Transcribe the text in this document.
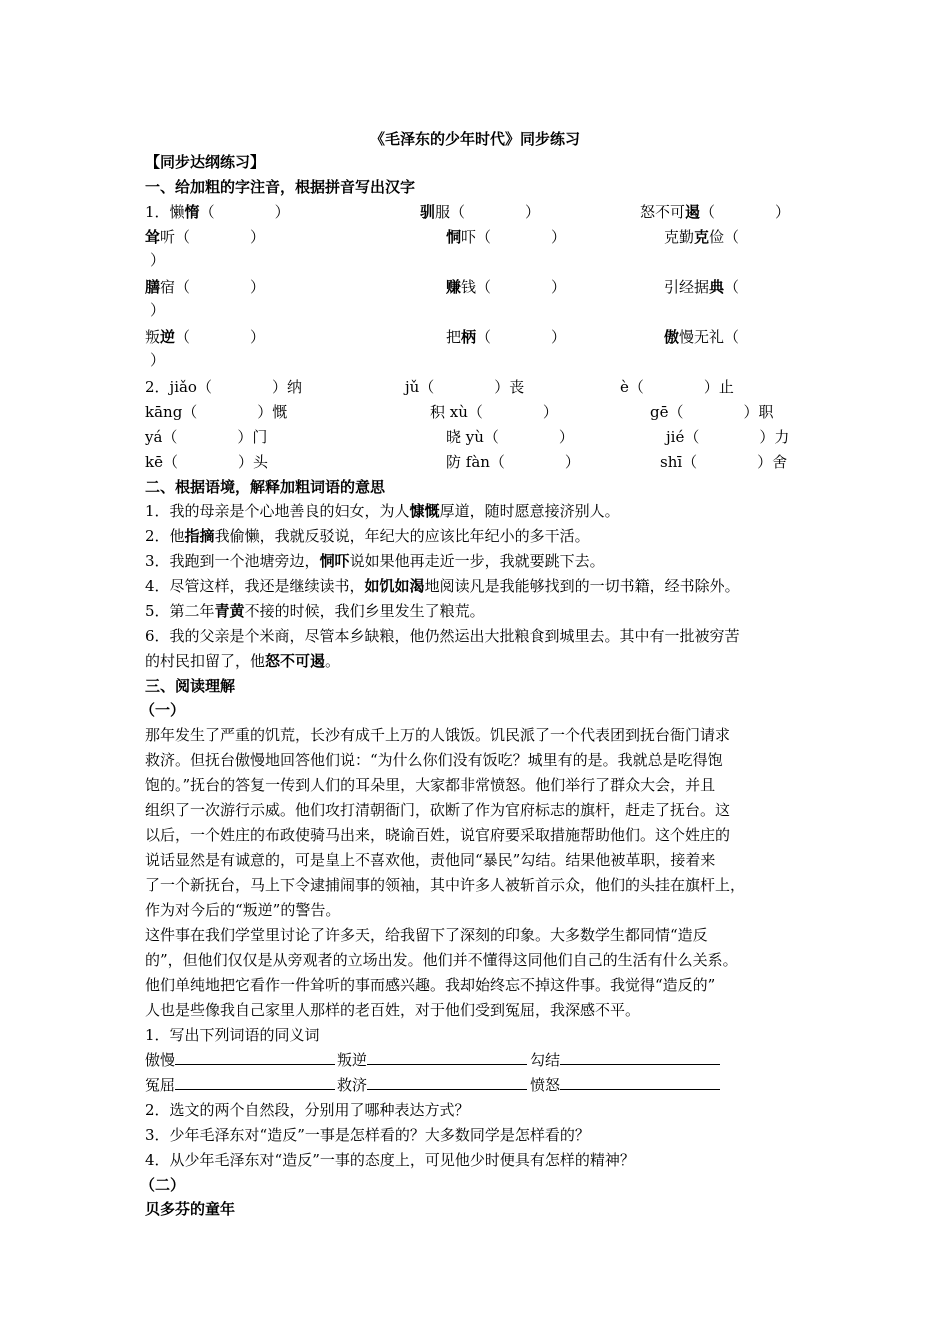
《毛泽东的少年时代》同步练习
【同步达纲练习】
一、给加粗的字注音，根据拼音写出汉字
1．懒惰（　　　　）	驯服（　　　　）	怒不可遏（　　　　）
耸听（　　　　）	恫吓（　　　　）	克勤克俭（
）
膳宿（　　　　）	赚钱（　　　　）	引经据典（
）
叛逆（　　　　）	把柄（　　　　）	傲慢无礼（
）
2．jiǎo（　　　　）纳	jǔ（　　　　）丧	è（　　　　）止
kāng（　　　　）慨	积 xù（　　　　）	gē（　　　　）职
yá（　　　　）门	晓 yù（　　　　）	jié（　　　　）力
kē（　　　　）头	防 fàn（　　　　）	shī（　　　　）舍
二、根据语境，解释加粗词语的意思
1．我的母亲是个心地善良的妇女，为人慷慨厚道，随时愿意接济别人。
2．他指摘我偷懒，我就反驳说，年纪大的应该比年纪小的多干活。
3．我跑到一个池塘旁边，恫吓说如果他再走近一步，我就要跳下去。
4．尽管这样，我还是继续读书，如饥如渴地阅读凡是我能够找到的一切书籍，经书除外。
5．第二年青黄不接的时候，我们乡里发生了粮荒。
6．我的父亲是个米商，尽管本乡缺粮，他仍然运出大批粮食到城里去。其中有一批被穷苦
的村民扣留了，他怒不可遏。
三、阅读理解
（一）
那年发生了严重的饥荒，长沙有成千上万的人饿饭。饥民派了一个代表团到抚台衙门请求
救济。但抚台傲慢地回答他们说：“为什么你们没有饭吃？城里有的是。我就总是吃得饱
饱的。”抚台的答复一传到人们的耳朵里，大家都非常愤怒。他们举行了群众大会，并且
组织了一次游行示威。他们攻打清朝衙门，砍断了作为官府标志的旗杆，赶走了抚台。这
以后，一个姓庄的布政使骑马出来，晓谕百姓，说官府要采取措施帮助他们。这个姓庄的
说话显然是有诚意的，可是皇上不喜欢他，责他同“暴民”勾结。结果他被革职，接着来
了一个新抚台，马上下令逮捕闹事的领袖，其中许多人被斩首示众，他们的头挂在旗杆上，
作为对今后的“叛逆”的警告。
这件事在我们学堂里讨论了许多天，给我留下了深刻的印象。大多数学生都同情“造反
的”，但他们仅仅是从旁观者的立场出发。他们并不懂得这同他们自己的生活有什么关系。
他们单纯地把它看作一件耸听的事而感兴趣。我却始终忘不掉这件事。我觉得“造反的”
人也是些像我自己家里人那样的老百姓，对于他们受到冤屈，我深感不平。
1．写出下列词语的同义词
傲慢	叛逆	勾结
冤屈	救济	愤怒
2．选文的两个自然段，分别用了哪种表达方式？
3．少年毛泽东对“造反”一事是怎样看的？大多数同学是怎样看的？
4．从少年毛泽东对“造反”一事的态度上，可见他少时便具有怎样的精神？
（二）
贝多芬的童年
